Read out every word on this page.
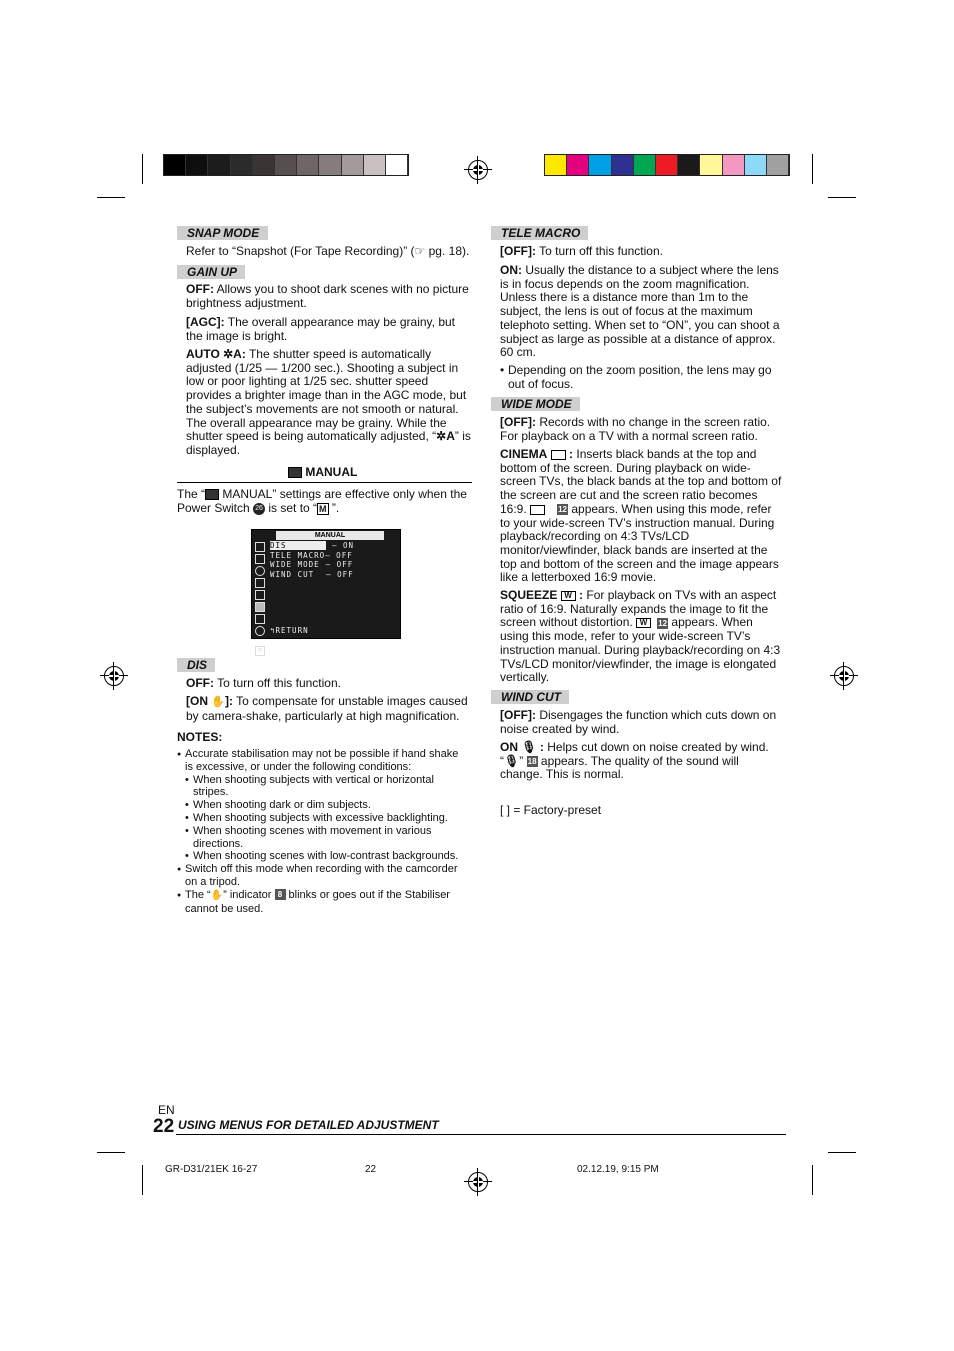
SNAP MODE
Refer to “Snapshot (For Tape Recording)” (☞ pg. 18).
GAIN UP
OFF: Allows you to shoot dark scenes with no picture brightness adjustment.
[AGC]: The overall appearance may be grainy, but the image is bright.
AUTO ✲A: The shutter speed is automatically adjusted (1/25 — 1/200 sec.). Shooting a subject in low or poor lighting at 1/25 sec. shutter speed provides a brighter image than in the AGC mode, but the subject’s movements are not smooth or natural. The overall appearance may be grainy. While the shutter speed is being automatically adjusted, “✲A” is displayed.
MANUAL
The “ MANUAL” settings are effective only when the Power Switch 26 is set to “ M ”.
MANUAL
✕
DIS	– ON
TELE MACRO– OFF
WIDE MODE – OFF
WIND CUT – OFF
↰RETURN
DIS
OFF: To turn off this function.
[ON ✋]: To compensate for unstable images caused by camera-shake, particularly at high magnification.
NOTES:
● Accurate stabilisation may not be possible if hand shake is excessive, or under the following conditions:
• When shooting subjects with vertical or horizontal stripes.
• When shooting dark or dim subjects.
• When shooting subjects with excessive backlighting.
• When shooting scenes with movement in various directions.
• When shooting scenes with low-contrast backgrounds.
● Switch off this mode when recording with the camcorder on a tripod.
● The “✋” indicator 8 blinks or goes out if the Stabiliser cannot be used.
TELE MACRO
[OFF]: To turn off this function.
ON: Usually the distance to a subject where the lens is in focus depends on the zoom magnification. Unless there is a distance more than 1m to the subject, the lens is out of focus at the maximum telephoto setting. When set to “ON”, you can shoot a subject as large as possible at a distance of approx. 60 cm.
• Depending on the zoom position, the lens may go out of focus.
WIDE MODE
[OFF]: Records with no change in the screen ratio. For playback on a TV with a normal screen ratio.
CINEMA  : Inserts black bands at the top and bottom of the screen. During playback on wide-screen TVs, the black bands at the top and bottom of the screen are cut and the screen ratio becomes 16:9.	12 appears. When using this mode, refer to your wide-screen TV’s instruction manual. During playback/recording on 4:3 TVs/LCD monitor/viewfinder, black bands are inserted at the top and bottom of the screen and the image appears like a letterboxed 16:9 movie.
SQUEEZE W : For playback on TVs with an aspect ratio of 16:9. Naturally expands the image to fit the screen without distortion. W 12 appears. When using this mode, refer to your wide-screen TV’s instruction manual. During playback/recording on 4:3 TVs/LCD monitor/viewfinder, the image is elongated vertically.
WIND CUT
[OFF]: Disengages the function which cuts down on noise created by wind.
ON 🎙 : Helps cut down on noise created by wind. “🎙” 18 appears. The quality of the sound will change. This is normal.
[ ] = Factory-preset
EN
22 USING MENUS FOR DETAILED ADJUSTMENT
GR-D31/21EK 16-27	22	02.12.19, 9:15 PM
